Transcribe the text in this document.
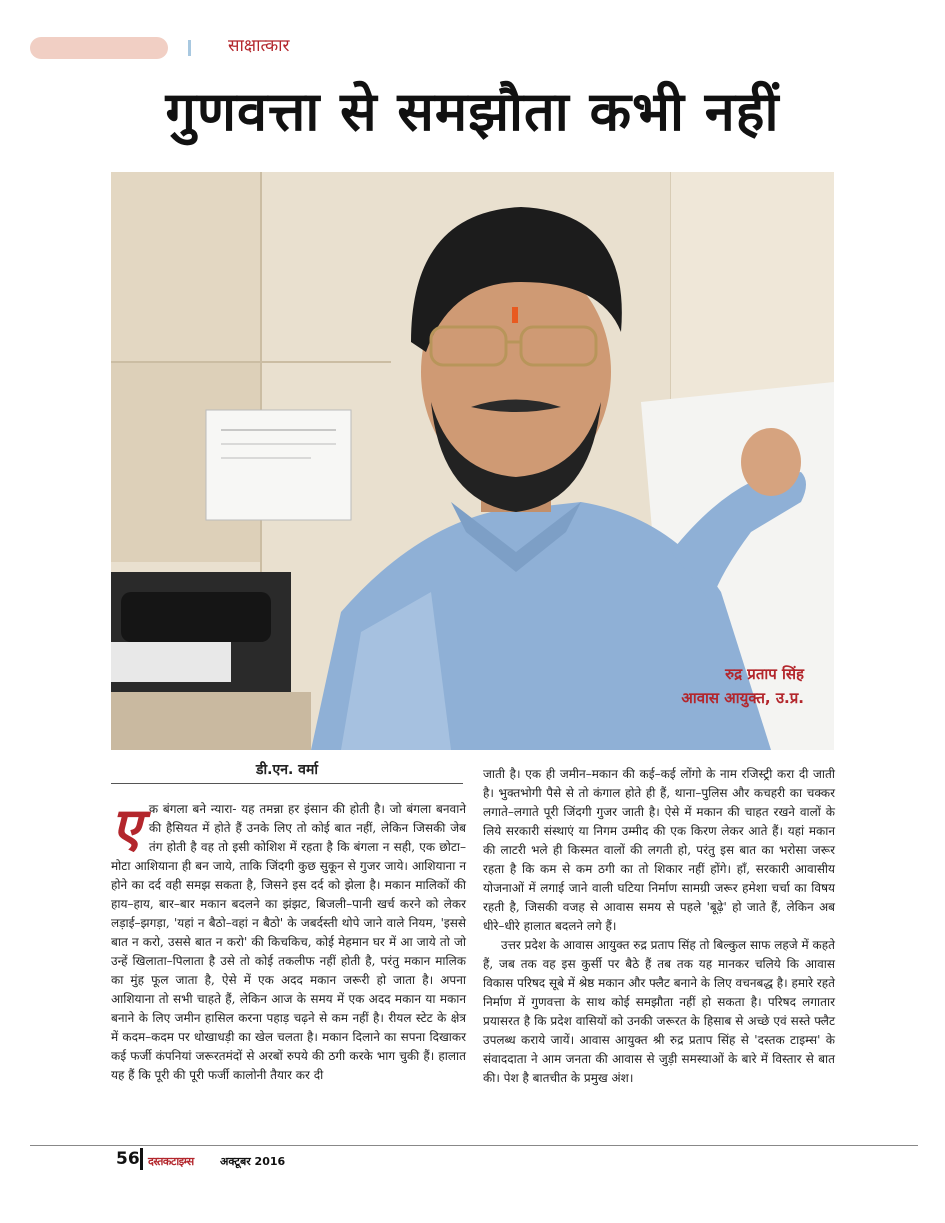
साक्षात्कार
गुणवत्ता से समझौता कभी नहीं
रुद्र प्रताप सिंह
आवास आयुक्त, उ.प्र.
डी.एन. वर्मा
ए क बंगला बने न्यारा- यह तमन्ना हर इंसान की होती है। जो बंगला बनवाने की हैसियत में होते हैं उनके लिए तो कोई बात नहीं, लेकिन जिसकी जेब तंग होती है वह तो इसी कोशिश में रहता है कि बंगला न सही, एक छोटा–मोटा आशियाना ही बन जाये, ताकि जिंदगी कुछ सुकून से गुजर जाये। आशियाना न होने का दर्द वही समझ सकता है, जिसने इस दर्द को झेला है। मकान मालिकों की हाय–हाय, बार–बार मकान बदलने का झंझट, बिजली–पानी खर्च करने को लेकर लड़ाई–झगड़ा, 'यहां न बैठो–वहां न बैठो' के जबर्दस्ती थोपे जाने वाले नियम, 'इससे बात न करो, उससे बात न करो' की किचकिच, कोई मेहमान घर में आ जाये तो जो उन्हें खिलाता–पिलाता है उसे तो कोई तकलीफ नहीं होती है, परंतु मकान मालिक का मुंह फूल जाता है, ऐसे में एक अदद मकान जरूरी हो जाता है। अपना आशियाना तो सभी चाहते हैं, लेकिन आज के समय में एक अदद मकान या मकान बनाने के लिए जमीन हासिल करना पहाड़ चढ़ने से कम नहीं है। रीयल स्टेट के क्षेत्र में कदम–कदम पर धोखाधड़ी का खेल चलता है। मकान दिलाने का सपना दिखाकर कई फर्जी कंपनियां जरूरतमंदों से अरबों रुपये की ठगी करके भाग चुकी हैं। हालात यह हैं कि पूरी की पूरी फर्जी कालोनी तैयार कर दी

जाती है। एक ही जमीन–मकान की कई–कई लोंगो के नाम रजिस्ट्री करा दी जाती है। भुक्तभोगी पैसे से तो कंगाल होते ही हैं, थाना–पुलिस और कचहरी का चक्कर लगाते–लगाते पूरी जिंदगी गुजर जाती है। ऐसे में मकान की चाहत रखने वालों के लिये सरकारी संस्थाएं या निगम उम्मीद की एक किरण लेकर आते हैं। यहां मकान की लाटरी भले ही किस्मत वालों की लगती हो, परंतु इस बात का भरोसा जरूर रहता है कि कम से कम ठगी का तो शिकार नहीं होंगे। हाँ, सरकारी आवासीय योजनाओं में लगाई जाने वाली घटिया निर्माण सामग्री जरूर हमेशा चर्चा का विषय रहती है, जिसकी वजह से आवास समय से पहले 'बूढ़े' हो जाते हैं, लेकिन अब धीरे–धीरे हालात बदलने लगे हैं।

उत्तर प्रदेश के आवास आयुक्त रुद्र प्रताप सिंह तो बिल्कुल साफ लहजे में कहते हैं, जब तक वह इस कुर्सी पर बैठे हैं तब तक यह मानकर चलिये कि आवास विकास परिषद सूबे में श्रेष्ठ मकान और फ्लैट बनाने के लिए वचनबद्ध है। हमारे रहते निर्माण में गुणवत्ता के साथ कोई समझौता नहीं हो सकता है। परिषद लगातार प्रयासरत है कि प्रदेश वासियों को उनकी जरूरत के हिसाब से अच्छे एवं सस्ते फ्लैट उपलब्ध कराये जायें। आवास आयुक्त श्री रुद्र प्रताप सिंह से 'दस्तक टाइम्स' के संवाददाता ने आम जनता की आवास से जुड़ी समस्याओं के बारे में विस्तार से बात की। पेश है बातचीत के प्रमुख अंश।

56 दस्तकटाइम्स अक्टूबर 2016
